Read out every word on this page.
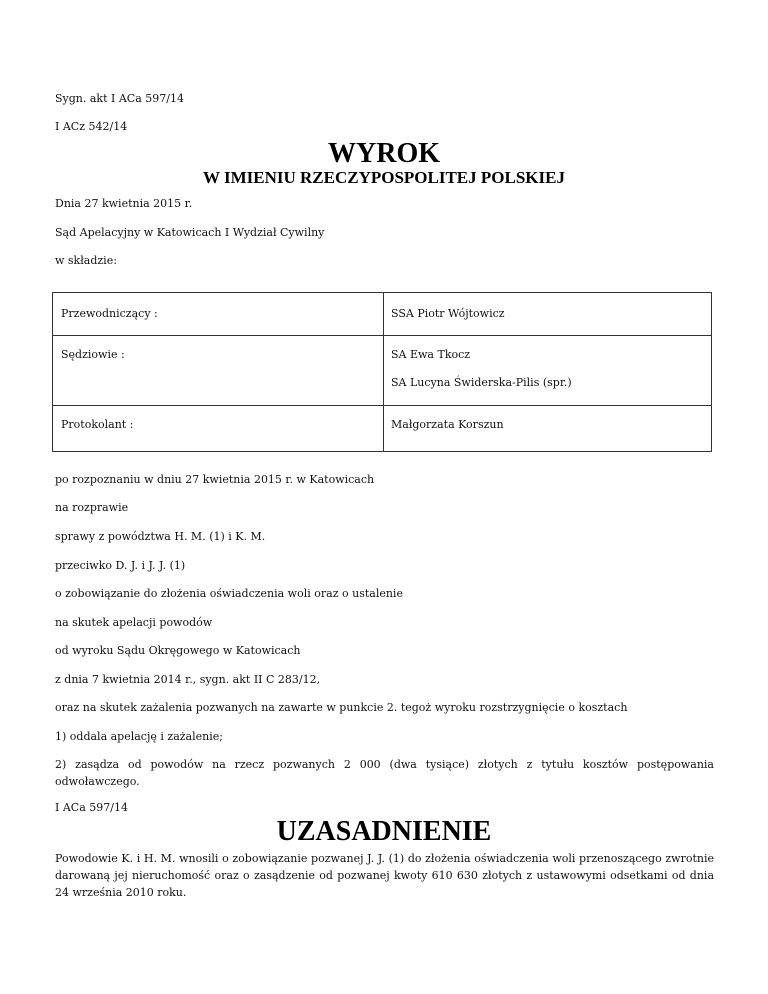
Sygn. akt I ACa 597/14

I ACz 542/14

WYROK
W IMIENIU RZECZYPOSPOLITEJ POLSKIEJ

Dnia 27 kwietnia 2015 r.

Sąd Apelacyjny w Katowicach I Wydział Cywilny

w składzie:

Przewodniczący :	SSA Piotr Wójtowicz
Sędziowie :	SA Ewa Tkocz
SA Lucyna Świderska-Pilis (spr.)
Protokolant :	Małgorzata Korszun

po rozpoznaniu w dniu 27 kwietnia 2015 r. w Katowicach

na rozprawie

sprawy z powództwa H. M. (1) i K. M.

przeciwko D. J. i J. J. (1)

o zobowiązanie do złożenia oświadczenia woli oraz o ustalenie

na skutek apelacji powodów

od wyroku Sądu Okręgowego w Katowicach

z dnia 7 kwietnia 2014 r., sygn. akt II C 283/12,

oraz na skutek zażalenia pozwanych na zawarte w punkcie 2. tegoż wyroku rozstrzygnięcie o kosztach

1) oddala apelację i zażalenie;

2) zasądza od powodów na rzecz pozwanych 2 000 (dwa tysiące) złotych z tytułu kosztów postępowania odwoławczego.

I ACa 597/14

UZASADNIENIE

Powodowie K. i H. M. wnosili o zobowiązanie pozwanej J. J. (1) do złożenia oświadczenia woli przenoszącego zwrotnie darowaną jej nieruchomość oraz o zasądzenie od pozwanej kwoty 610 630 złotych z ustawowymi odsetkami od dnia 24 września 2010 roku.
